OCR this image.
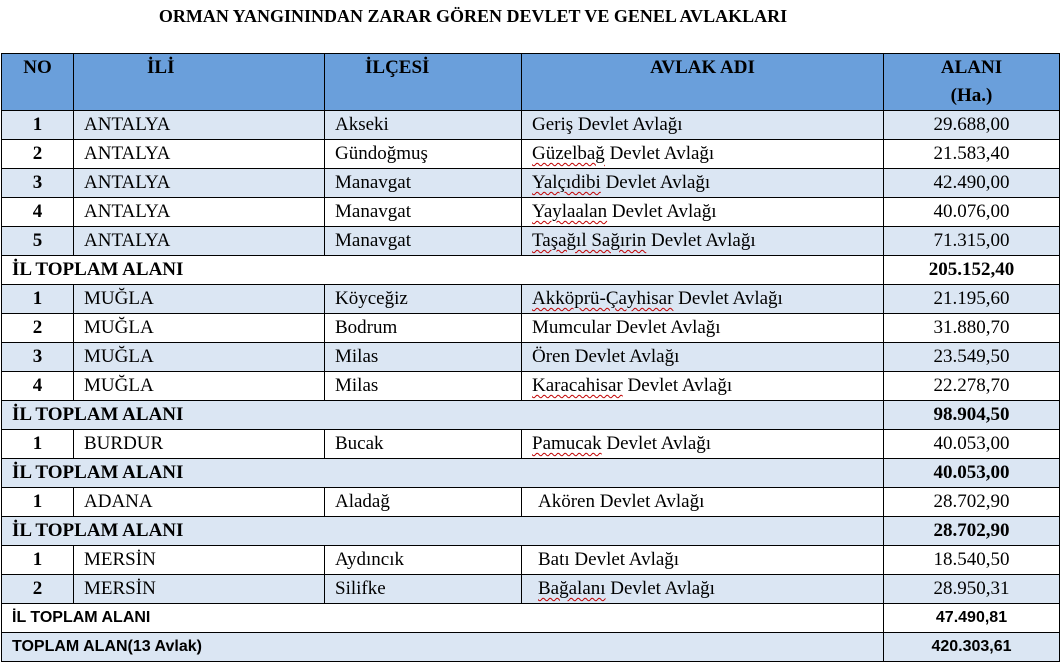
ORMAN YANGININDAN ZARAR GÖREN DEVLET VE GENEL AVLAKLARI
NO	İLİ	İLÇESİ	AVLAK ADI	ALANI
(Ha.)

1	ANTALYA	Akseki	Geriş Devlet Avlağı	29.688,00
2	ANTALYA	Gündoğmuş	Güzelbağ Devlet Avlağı	21.583,40
3	ANTALYA	Manavgat	Yalçıdibi Devlet Avlağı	42.490,00
4	ANTALYA	Manavgat	Yaylaalan Devlet Avlağı	40.076,00
5	ANTALYA	Manavgat	Taşağıl Sağırin Devlet Avlağı	71.315,00
İL TOPLAM ALANI				205.152,40
1	MUĞLA	Köyceğiz	Akköprü-Çayhisar Devlet Avlağı	21.195,60
2	MUĞLA	Bodrum	Mumcular Devlet Avlağı	31.880,70
3	MUĞLA	Milas	Ören Devlet Avlağı	23.549,50
4	MUĞLA	Milas	Karacahisar Devlet Avlağı	22.278,70
İL TOPLAM ALANI				98.904,50
1	BURDUR	Bucak	Pamucak Devlet Avlağı	40.053,00
İL TOPLAM ALANI				40.053,00
1	ADANA	Aladağ	Akören Devlet Avlağı	28.702,90
İL TOPLAM ALANI				28.702,90
1	MERSİN	Aydıncık	Batı Devlet Avlağı	18.540,50
2	MERSİN	Silifke	Bağalanı Devlet Avlağı	28.950,31
İL TOPLAM ALANI				47.490,81
TOPLAM ALAN(13 Avlak)				420.303,61
